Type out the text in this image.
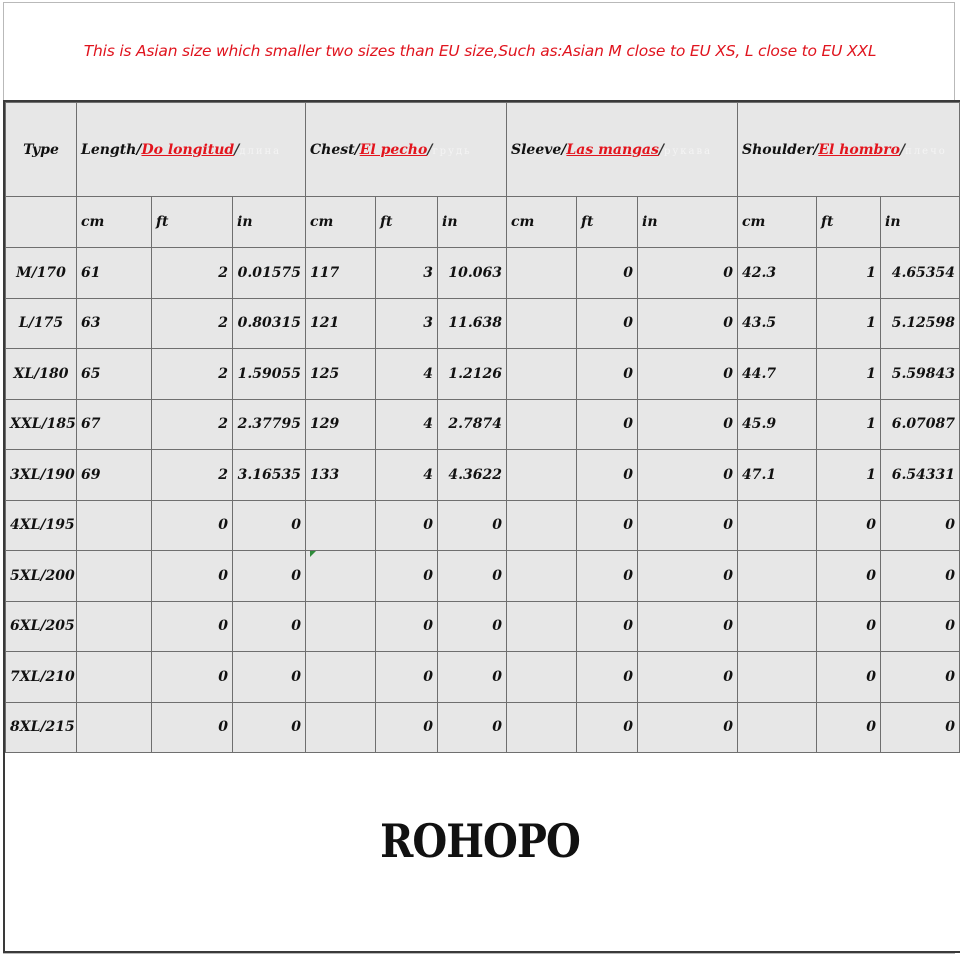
This is Asian size which smaller two sizes than EU size,Such as:Asian M close to EU XS, L close to EU XXL
Type	Length/Do longitud/длина			Chest/El pecho/грудь			Sleeve/Las mangas/рукава			Shoulder/El hombro/плечо		
	cm	ft	in	cm	ft	in	cm	ft	in	cm	ft	in
M/170	61	2	0.01575	117	3	10.063		0	0	42.3	1	4.65354
L/175	63	2	0.80315	121	3	11.638		0	0	43.5	1	5.12598
XL/180	65	2	1.59055	125	4	1.2126		0	0	44.7	1	5.59843
XXL/185	67	2	2.37795	129	4	2.7874		0	0	45.9	1	6.07087
3XL/190	69	2	3.16535	133	4	4.3622		0	0	47.1	1	6.54331
4XL/195		0	0		0	0		0	0		0	0
5XL/200		0	0		0	0		0	0		0	0
6XL/205		0	0		0	0		0	0		0	0
7XL/210		0	0		0	0		0	0		0	0
8XL/215		0	0		0	0		0	0		0	0
ROHOPO
